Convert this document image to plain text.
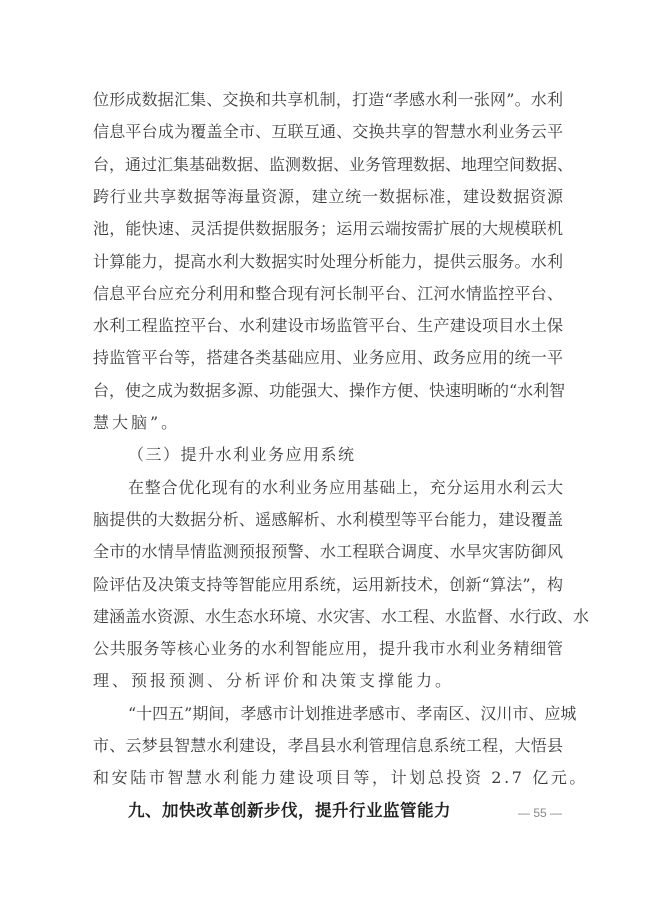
位形成数据汇集、交换和共享机制，打造“孝感水利一张网”。水利
信息平台成为覆盖全市、互联互通、交换共享的智慧水利业务云平
台，通过汇集基础数据、监测数据、业务管理数据、地理空间数据、
跨行业共享数据等海量资源，建立统一数据标准，建设数据资源
池，能快速、灵活提供数据服务；运用云端按需扩展的大规模联机
计算能力，提高水利大数据实时处理分析能力，提供云服务。水利
信息平台应充分利用和整合现有河长制平台、江河水情监控平台、
水利工程监控平台、水利建设市场监管平台、生产建设项目水土保
持监管平台等，搭建各类基础应用、业务应用、政务应用的统一平
台，使之成为数据多源、功能强大、操作方便、快速明晰的“水利智
慧大脑”。
（三）提升水利业务应用系统
在整合优化现有的水利业务应用基础上，充分运用水利云大
脑提供的大数据分析、遥感解析、水利模型等平台能力，建设覆盖
全市的水情旱情监测预报预警、水工程联合调度、水旱灾害防御风
险评估及决策支持等智能应用系统，运用新技术，创新“算法”，构
建涵盖水资源、水生态水环境、水灾害、水工程、水监督、水行政、水
公共服务等核心业务的水利智能应用，提升我市水利业务精细管
理、预报预测、分析评价和决策支撑能力。
“十四五”期间，孝感市计划推进孝感市、孝南区、汉川市、应城
市、云梦县智慧水利建设，孝昌县水利管理信息系统工程，大悟县
和安陆市智慧水利能力建设项目等，计划总投资 2.7 亿元。
九、加快改革创新步伐，提升行业监管能力	— 55 —
